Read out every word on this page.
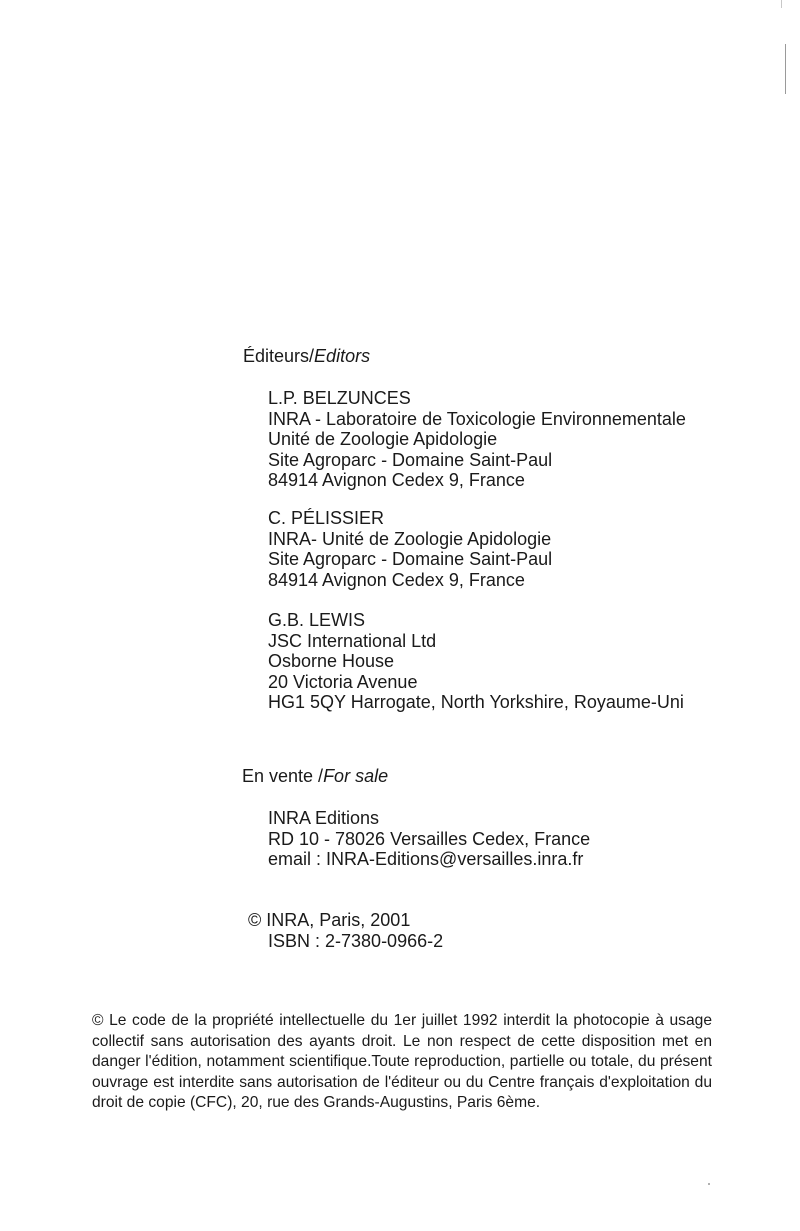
Éditeurs/Editors
L.P. BELZUNCES
INRA - Laboratoire de Toxicologie Environnementale
Unité de Zoologie Apidologie
Site Agroparc - Domaine Saint-Paul
84914 Avignon Cedex 9, France
C. PÉLISSIER
INRA- Unité de Zoologie Apidologie
Site Agroparc - Domaine Saint-Paul
84914 Avignon Cedex 9, France
G.B. LEWIS
JSC International Ltd
Osborne House
20 Victoria Avenue
HG1 5QY Harrogate, North Yorkshire, Royaume-Uni
En vente /For sale
INRA Editions
RD 10 - 78026 Versailles Cedex, France
email : INRA-Editions@versailles.inra.fr
© INRA, Paris, 2001
ISBN : 2-7380-0966-2
© Le code de la propriété intellectuelle du 1er juillet 1992 interdit la photocopie à usage collectif sans autorisation des ayants droit. Le non respect de cette disposition met en danger l'édition, notamment scientifique.Toute reproduction, partielle ou totale, du présent ouvrage est interdite sans autorisation de l'éditeur ou du Centre français d'exploitation du droit de copie (CFC), 20, rue des Grands-Augustins, Paris 6ème.
